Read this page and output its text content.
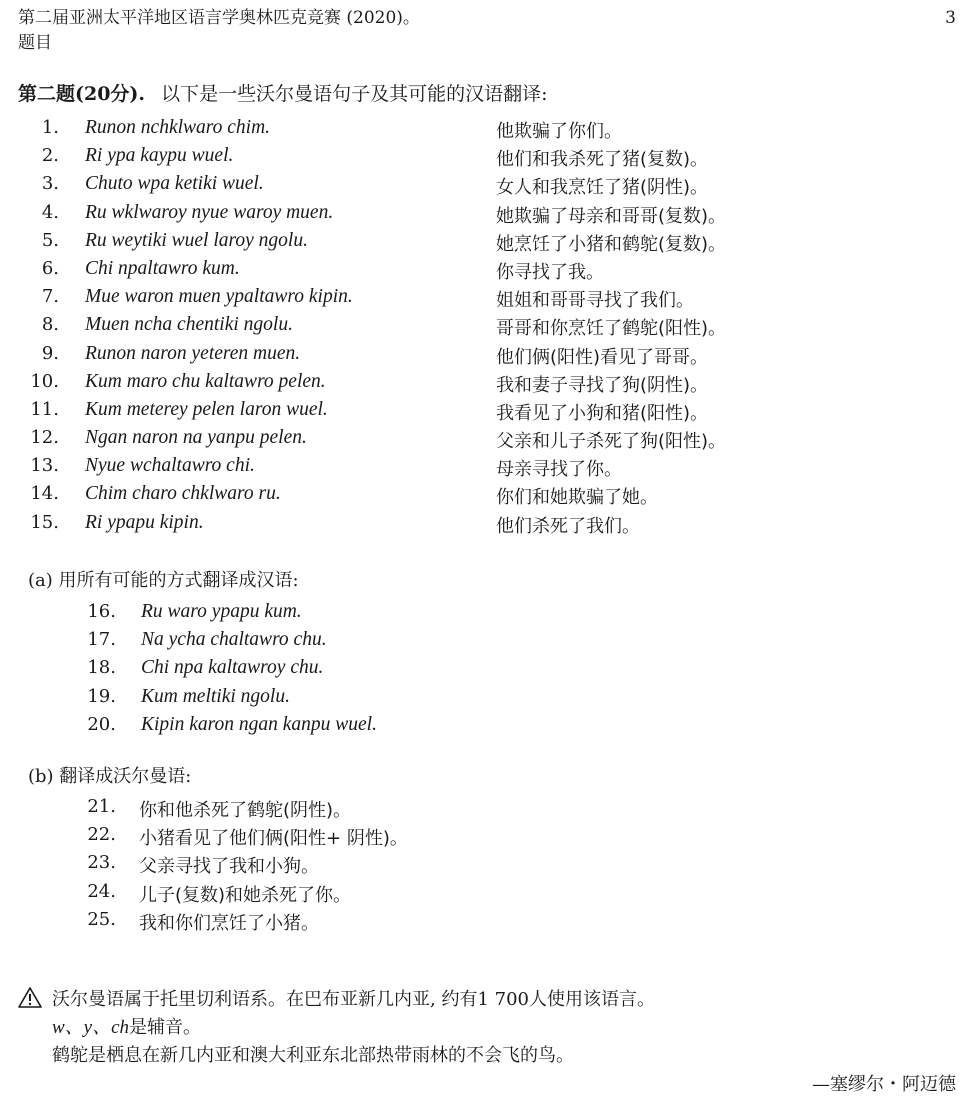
第二届亚洲太平洋地区语言学奥林匹克竞赛 (2020)。
题目
3
第二题(20分). 以下是一些沃尔曼语句子及其可能的汉语翻译:
1. Runon nchklwaro chim.	他欺骗了你们。
2. Ri ypa kaypu wuel.	他们和我杀死了猪(复数)。
3. Chuto wpa ketiki wuel.	女人和我烹饪了猪(阴性)。
4. Ru wklwaroy nyue waroy muen.	她欺骗了母亲和哥哥(复数)。
5. Ru weytiki wuel laroy ngolu.	她烹饪了小猪和鹤鸵(复数)。
6. Chi npaltawro kum.	你寻找了我。
7. Mue waron muen ypaltawro kipin.	姐姐和哥哥寻找了我们。
8. Muen ncha chentiki ngolu.	哥哥和你烹饪了鹤鸵(阳性)。
9. Runon naron yeteren muen.	他们俩(阳性)看见了哥哥。
10. Kum maro chu kaltawro pelen.	我和妻子寻找了狗(阴性)。
11. Kum meterey pelen laron wuel.	我看见了小狗和猪(阳性)。
12. Ngan naron na yanpu pelen.	父亲和儿子杀死了狗(阳性)。
13. Nyue wchaltawro chi.	母亲寻找了你。
14. Chim charo chklwaro ru.	你们和她欺骗了她。
15. Ri ypapu kipin.	他们杀死了我们。
(a) 用所有可能的方式翻译成汉语:
16. Ru waro ypapu kum.
17. Na ycha chaltawro chu.
18. Chi npa kaltawroy chu.
19. Kum meltiki ngolu.
20. Kipin karon ngan kanpu wuel.
(b) 翻译成沃尔曼语:
21. 你和他杀死了鹤鸵(阴性)。
22. 小猪看见了他们俩(阳性+ 阴性)。
23. 父亲寻找了我和小狗。
24. 儿子(复数)和她杀死了你。
25. 我和你们烹饪了小猪。
沃尔曼语属于托里切利语系。在巴布亚新几内亚, 约有1 700人使用该语言。
w、y、ch是辅音。
鹤鸵是栖息在新几内亚和澳大利亚东北部热带雨林的不会飞的鸟。
—塞缪尔・阿迈德
